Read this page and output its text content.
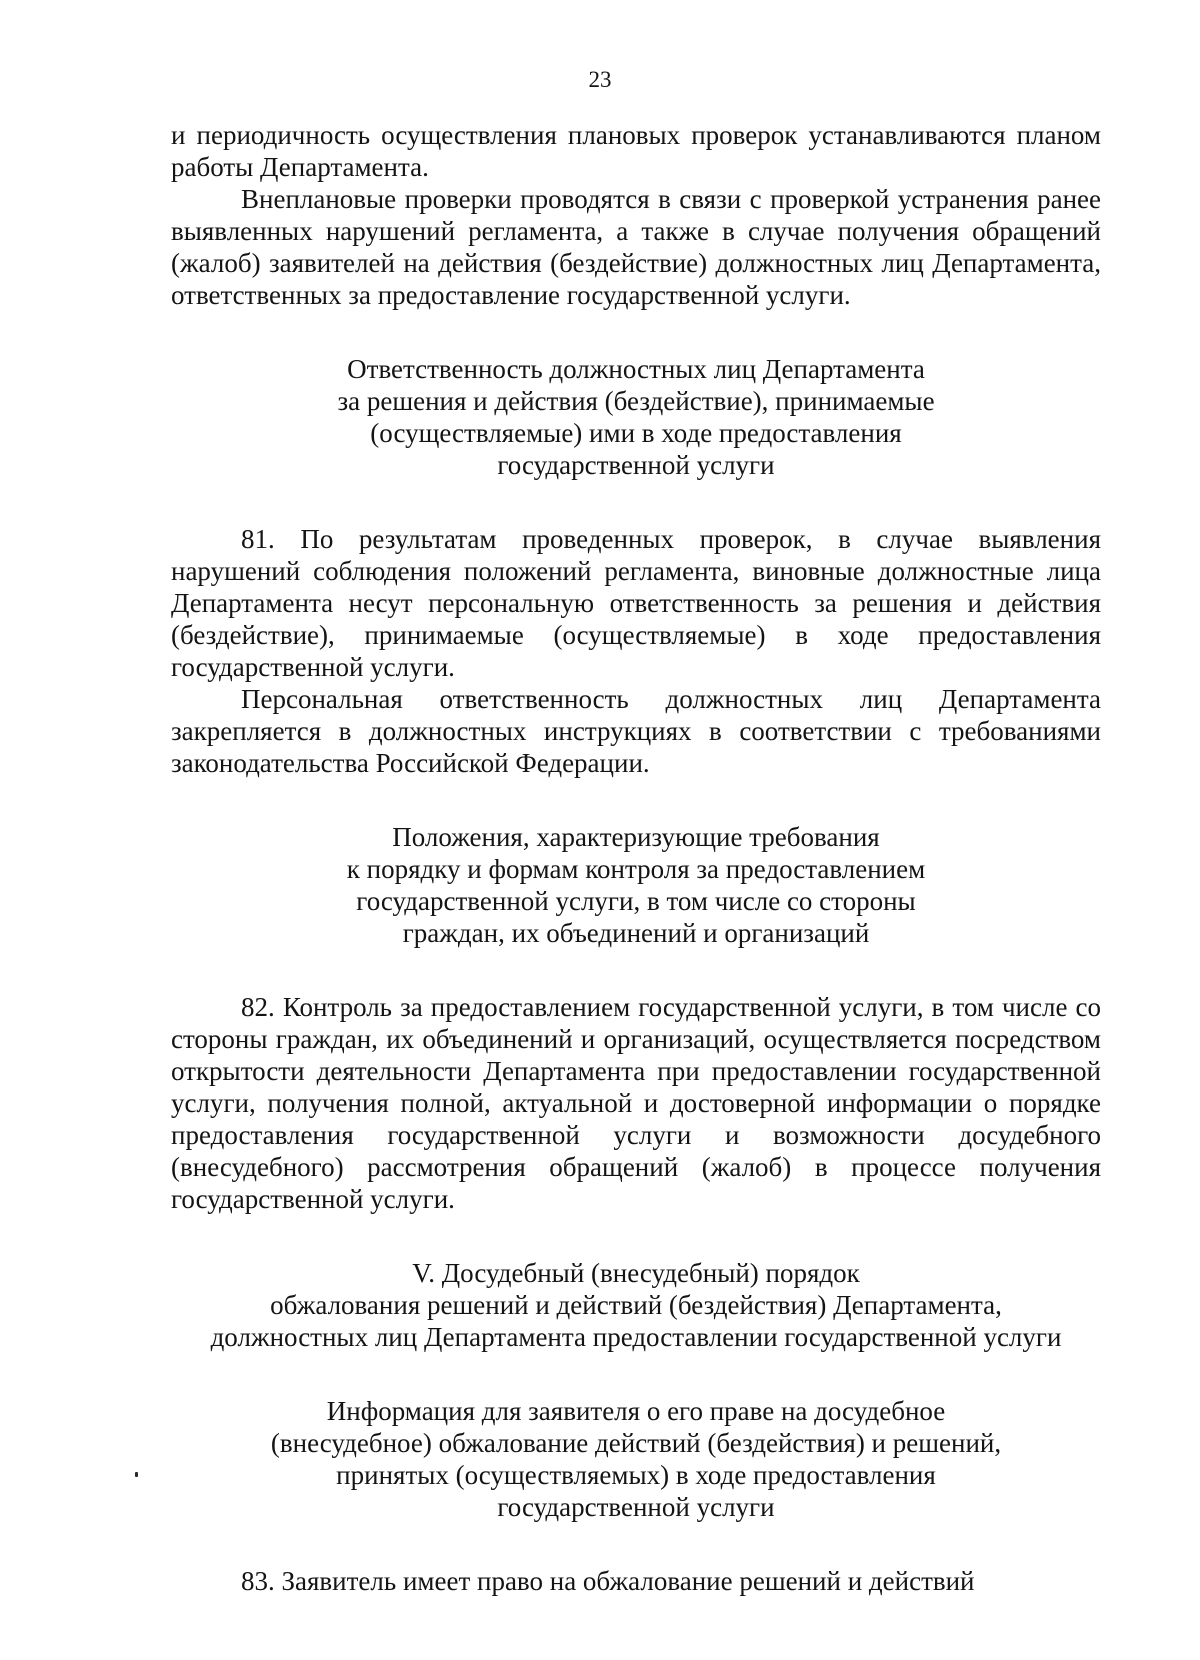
23

и периодичность осуществления плановых проверок устанавливаются планом работы Департамента.

Внеплановые проверки проводятся в связи с проверкой устранения ранее выявленных нарушений регламента, а также в случае получения обращений (жалоб) заявителей на действия (бездействие) должностных лиц Департамента, ответственных за предоставление государственной услуги.

Ответственность должностных лиц Департамента
за решения и действия (бездействие), принимаемые
(осуществляемые) ими в ходе предоставления
государственной услуги

81. По результатам проведенных проверок, в случае выявления нарушений соблюдения положений регламента, виновные должностные лица Департамента несут персональную ответственность за решения и действия (бездействие), принимаемые (осуществляемые) в ходе предоставления государственной услуги.

Персональная ответственность должностных лиц Департамента закрепляется в должностных инструкциях в соответствии с требованиями законодательства Российской Федерации.

Положения, характеризующие требования
к порядку и формам контроля за предоставлением
государственной услуги, в том числе со стороны
граждан, их объединений и организаций

82. Контроль за предоставлением государственной услуги, в том числе со стороны граждан, их объединений и организаций, осуществляется посредством открытости деятельности Департамента при предоставлении государственной услуги, получения полной, актуальной и достоверной информации о порядке предоставления государственной услуги и возможности досудебного (внесудебного) рассмотрения обращений (жалоб) в процессе получения государственной услуги.

V. Досудебный (внесудебный) порядок
обжалования решений и действий (бездействия) Департамента,
должностных лиц Департамента предоставлении государственной услуги
Информация для заявителя о его праве на досудебное
(внесудебное) обжалование действий (бездействия) и решений,
принятых (осуществляемых) в ходе предоставления
государственной услуги

83. Заявитель имеет право на обжалование решений и действий
